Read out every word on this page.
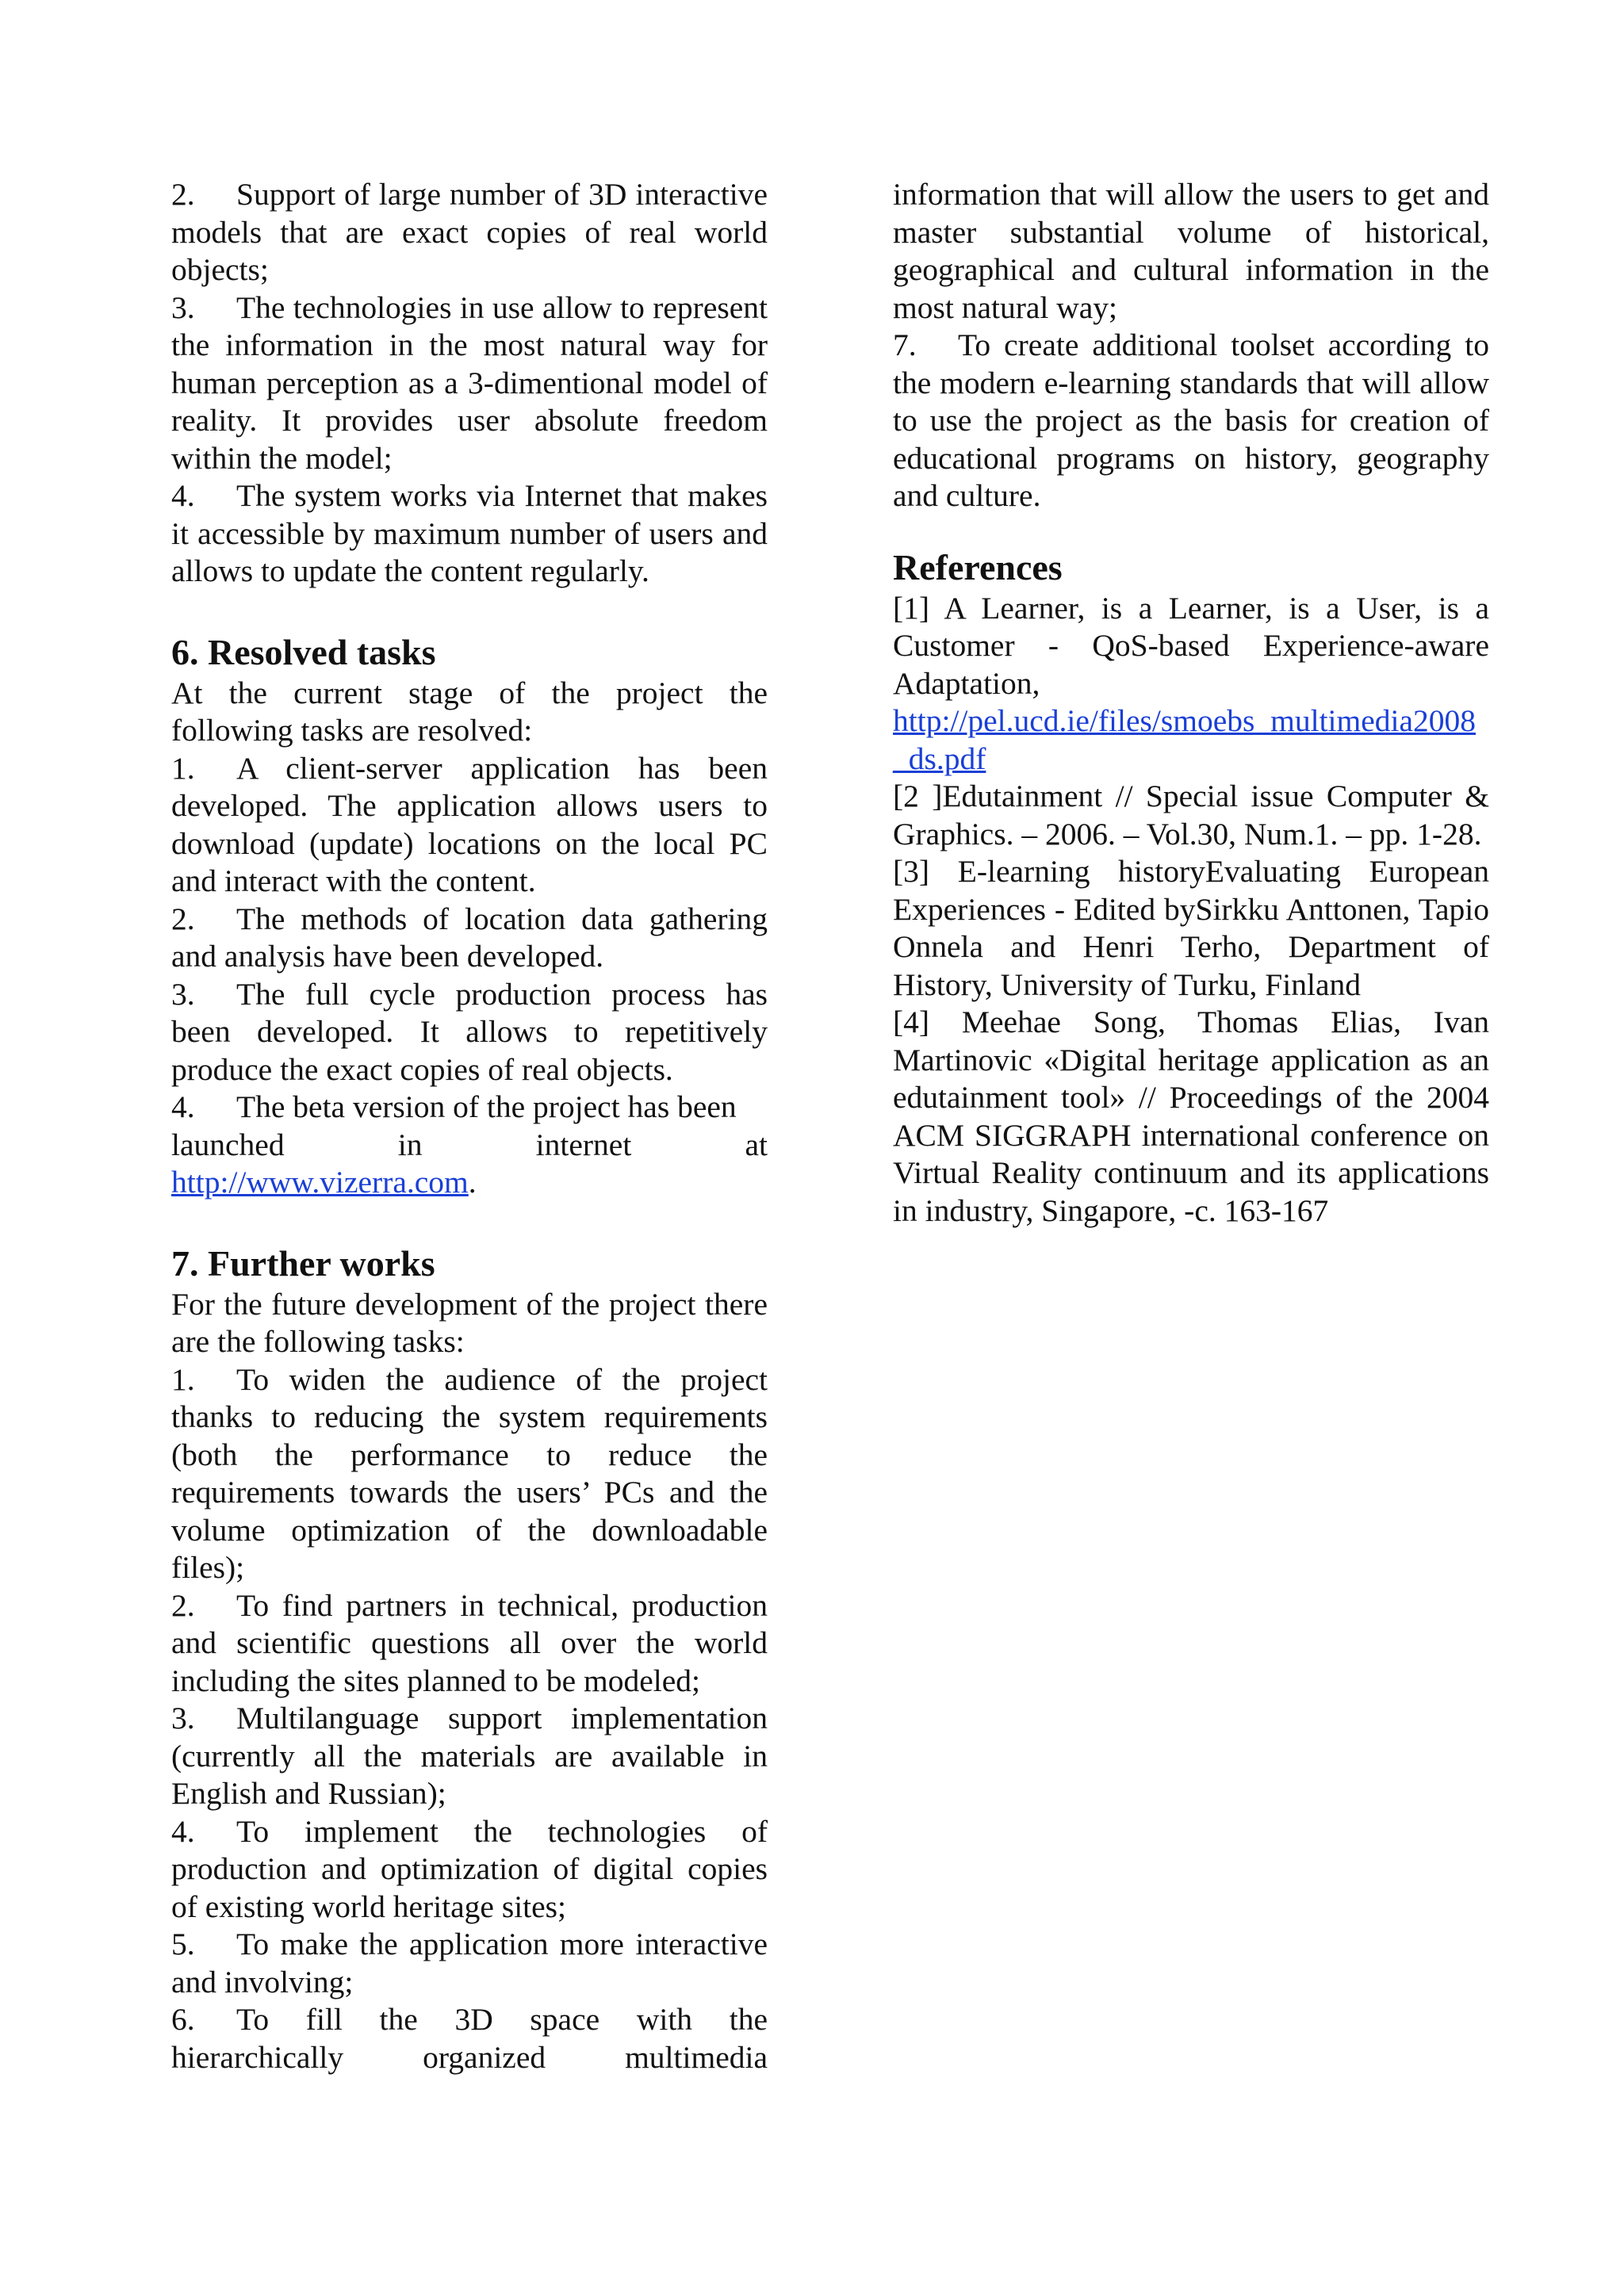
2. Support of large number of 3D interactive models that are exact copies of real world objects;

3. The technologies in use allow to represent the information in the most natural way for human perception as a 3-dimentional model of reality. It provides user absolute freedom within the model;

4. The system works via Internet that makes it accessible by maximum number of users and allows to update the content regularly.

6. Resolved tasks

At the current stage of the project the following tasks are resolved:

1. A client-server application has been developed. The application allows users to download (update) locations on the local PC and interact with the content.

2. The methods of location data gathering and analysis have been developed.

3. The full cycle production process has been developed. It allows to repetitively produce the exact copies of real objects.

4. The beta version of the project has been

launched	in	internet	at

http://www.vizerra.com.

7. Further works

For the future development of the project there are the following tasks:

1. To widen the audience of the project thanks to reducing the system requirements (both the performance to reduce the requirements towards the users’ PCs and the volume optimization of the downloadable files);

2. To find partners in technical, production and scientific questions all over the world including the sites planned to be modeled;

3. Multilanguage support implementation (currently all the materials are available in English and Russian);

4. To implement the technologies of production and optimization of digital copies of existing world heritage sites;

5. To make the application more interactive and involving;

6. To fill the 3D space with the hierarchically organized multimedia

information that will allow the users to get and master substantial volume of historical, geographical and cultural information in the most natural way;

7. To create additional toolset according to the modern e-learning standards that will allow to use the project as the basis for creation of educational programs on history, geography and culture.

References

[1] A Learner, is a Learner, is a User, is a Customer - QoS-based Experience-aware Adaptation,
http://pel.ucd.ie/files/smoebs_multimedia2008_ds.pdf

[2 ]Edutainment // Special issue Computer & Graphics. – 2006. – Vol.30, Num.1. – pp. 1-28.

[3] E-learning historyEvaluating European Experiences - Edited bySirkku Anttonen, Tapio Onnela and Henri Terho, Department of History, University of Turku, Finland

[4] Meehae Song, Thomas Elias, Ivan Martinovic «Digital heritage application as an edutainment tool» // Proceedings of the 2004 ACM SIGGRAPH international conference on Virtual Reality continuum and its applications in industry, Singapore, -c. 163-167
